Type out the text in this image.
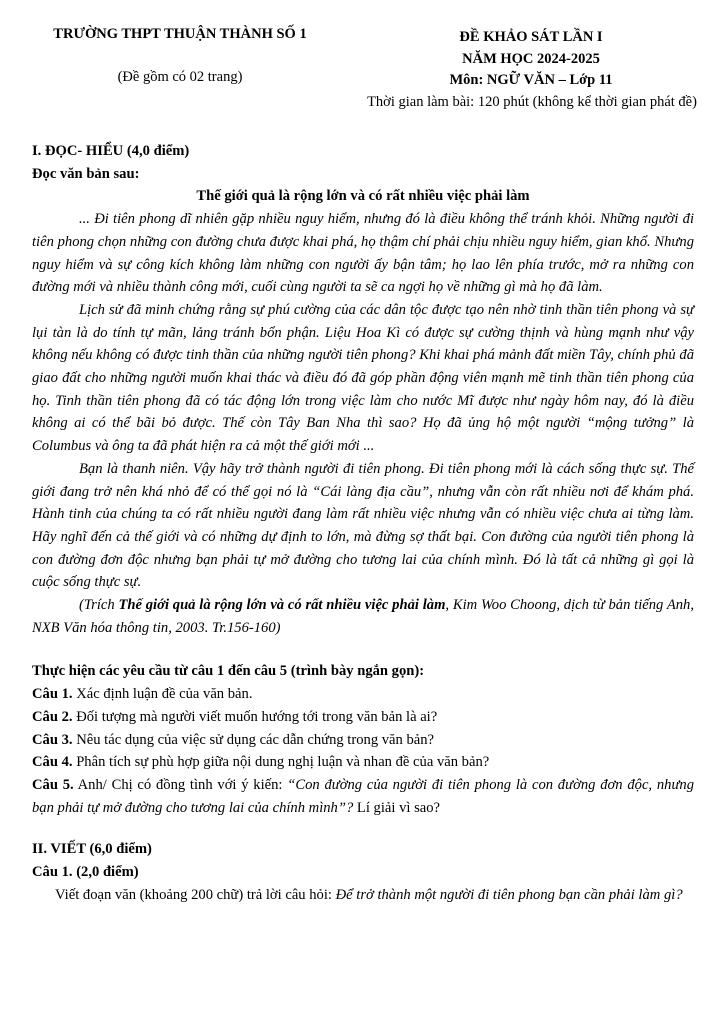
TRƯỜNG THPT THUẬN THÀNH SỐ 1
(Đề gồm có 02 trang)
ĐỀ KHẢO SÁT LẦN I
NĂM HỌC 2024-2025
Môn: NGỮ VĂN – Lớp 11
Thời gian làm bài: 120 phút (không kể thời gian phát đề)

I. ĐỌC- HIỂU (4,0 điểm)

Đọc văn bản sau:

Thế giới quả là rộng lớn và có rất nhiều việc phải làm

... Đi tiên phong dĩ nhiên gặp nhiều nguy hiểm, nhưng đó là điều không thể tránh khỏi. Những người đi tiên phong chọn những con đường chưa được khai phá, họ thậm chí phải chịu nhiều nguy hiểm, gian khổ. Nhưng nguy hiểm và sự công kích không làm những con người ấy bận tâm; họ lao lên phía trước, mở ra những con đường mới và nhiều thành công mới, cuối cùng người ta sẽ ca ngợi họ về những gì mà họ đã làm.

Lịch sử đã minh chứng rằng sự phú cường của các dân tộc được tạo nên nhờ tinh thần tiên phong và sự lụi tàn là do tính tự mãn, lảng tránh bổn phận. Liệu Hoa Kì có được sự cường thịnh và hùng mạnh như vậy không nếu không có được tinh thần của những người tiên phong? Khi khai phá mảnh đất miền Tây, chính phủ đã giao đất cho những người muốn khai thác và điều đó đã góp phần động viên mạnh mẽ tinh thần tiên phong của họ. Tinh thần tiên phong đã có tác động lớn trong việc làm cho nước Mĩ được như ngày hôm nay, đó là điều không ai có thể bãi bỏ được. Thế còn Tây Ban Nha thì sao? Họ đã ủng hộ một người “mộng tưởng” là Columbus và ông ta đã phát hiện ra cả một thế giới mới ...

Bạn là thanh niên. Vậy hãy trở thành người đi tiên phong. Đi tiên phong mới là cách sống thực sự. Thế giới đang trở nên khá nhỏ để có thể gọi nó là “Cái làng địa cầu”, nhưng vẫn còn rất nhiều nơi để khám phá. Hành tinh của chúng ta có rất nhiều người đang làm rất nhiều việc nhưng vẫn có nhiều việc chưa ai từng làm. Hãy nghĩ đến cả thế giới và có những dự định to lớn, mà đừng sợ thất bại. Con đường của người tiên phong là con đường đơn độc nhưng bạn phải tự mở đường cho tương lai của chính mình. Đó là tất cả những gì gọi là cuộc sống thực sự.

(Trích Thế giới quả là rộng lớn và có rất nhiều việc phải làm, Kim Woo Choong, dịch từ bản tiếng Anh, NXB Văn hóa thông tin, 2003. Tr.156-160)

Thực hiện các yêu cầu từ câu 1 đến câu 5 (trình bày ngắn gọn):

Câu 1. Xác định luận đề của văn bản.

Câu 2. Đối tượng mà người viết muốn hướng tới trong văn bản là ai?

Câu 3. Nêu tác dụng của việc sử dụng các dẫn chứng trong văn bản?

Câu 4. Phân tích sự phù hợp giữa nội dung nghị luận và nhan đề của văn bản?

Câu 5. Anh/ Chị có đồng tình với ý kiến: “Con đường của người đi tiên phong là con đường đơn độc, nhưng bạn phải tự mở đường cho tương lai của chính mình”? Lí giải vì sao?

II. VIẾT (6,0 điểm)

Câu 1. (2,0 điểm)

Viết đoạn văn (khoảng 200 chữ) trả lời câu hỏi: Để trở thành một người đi tiên phong bạn cần phải làm gì?
